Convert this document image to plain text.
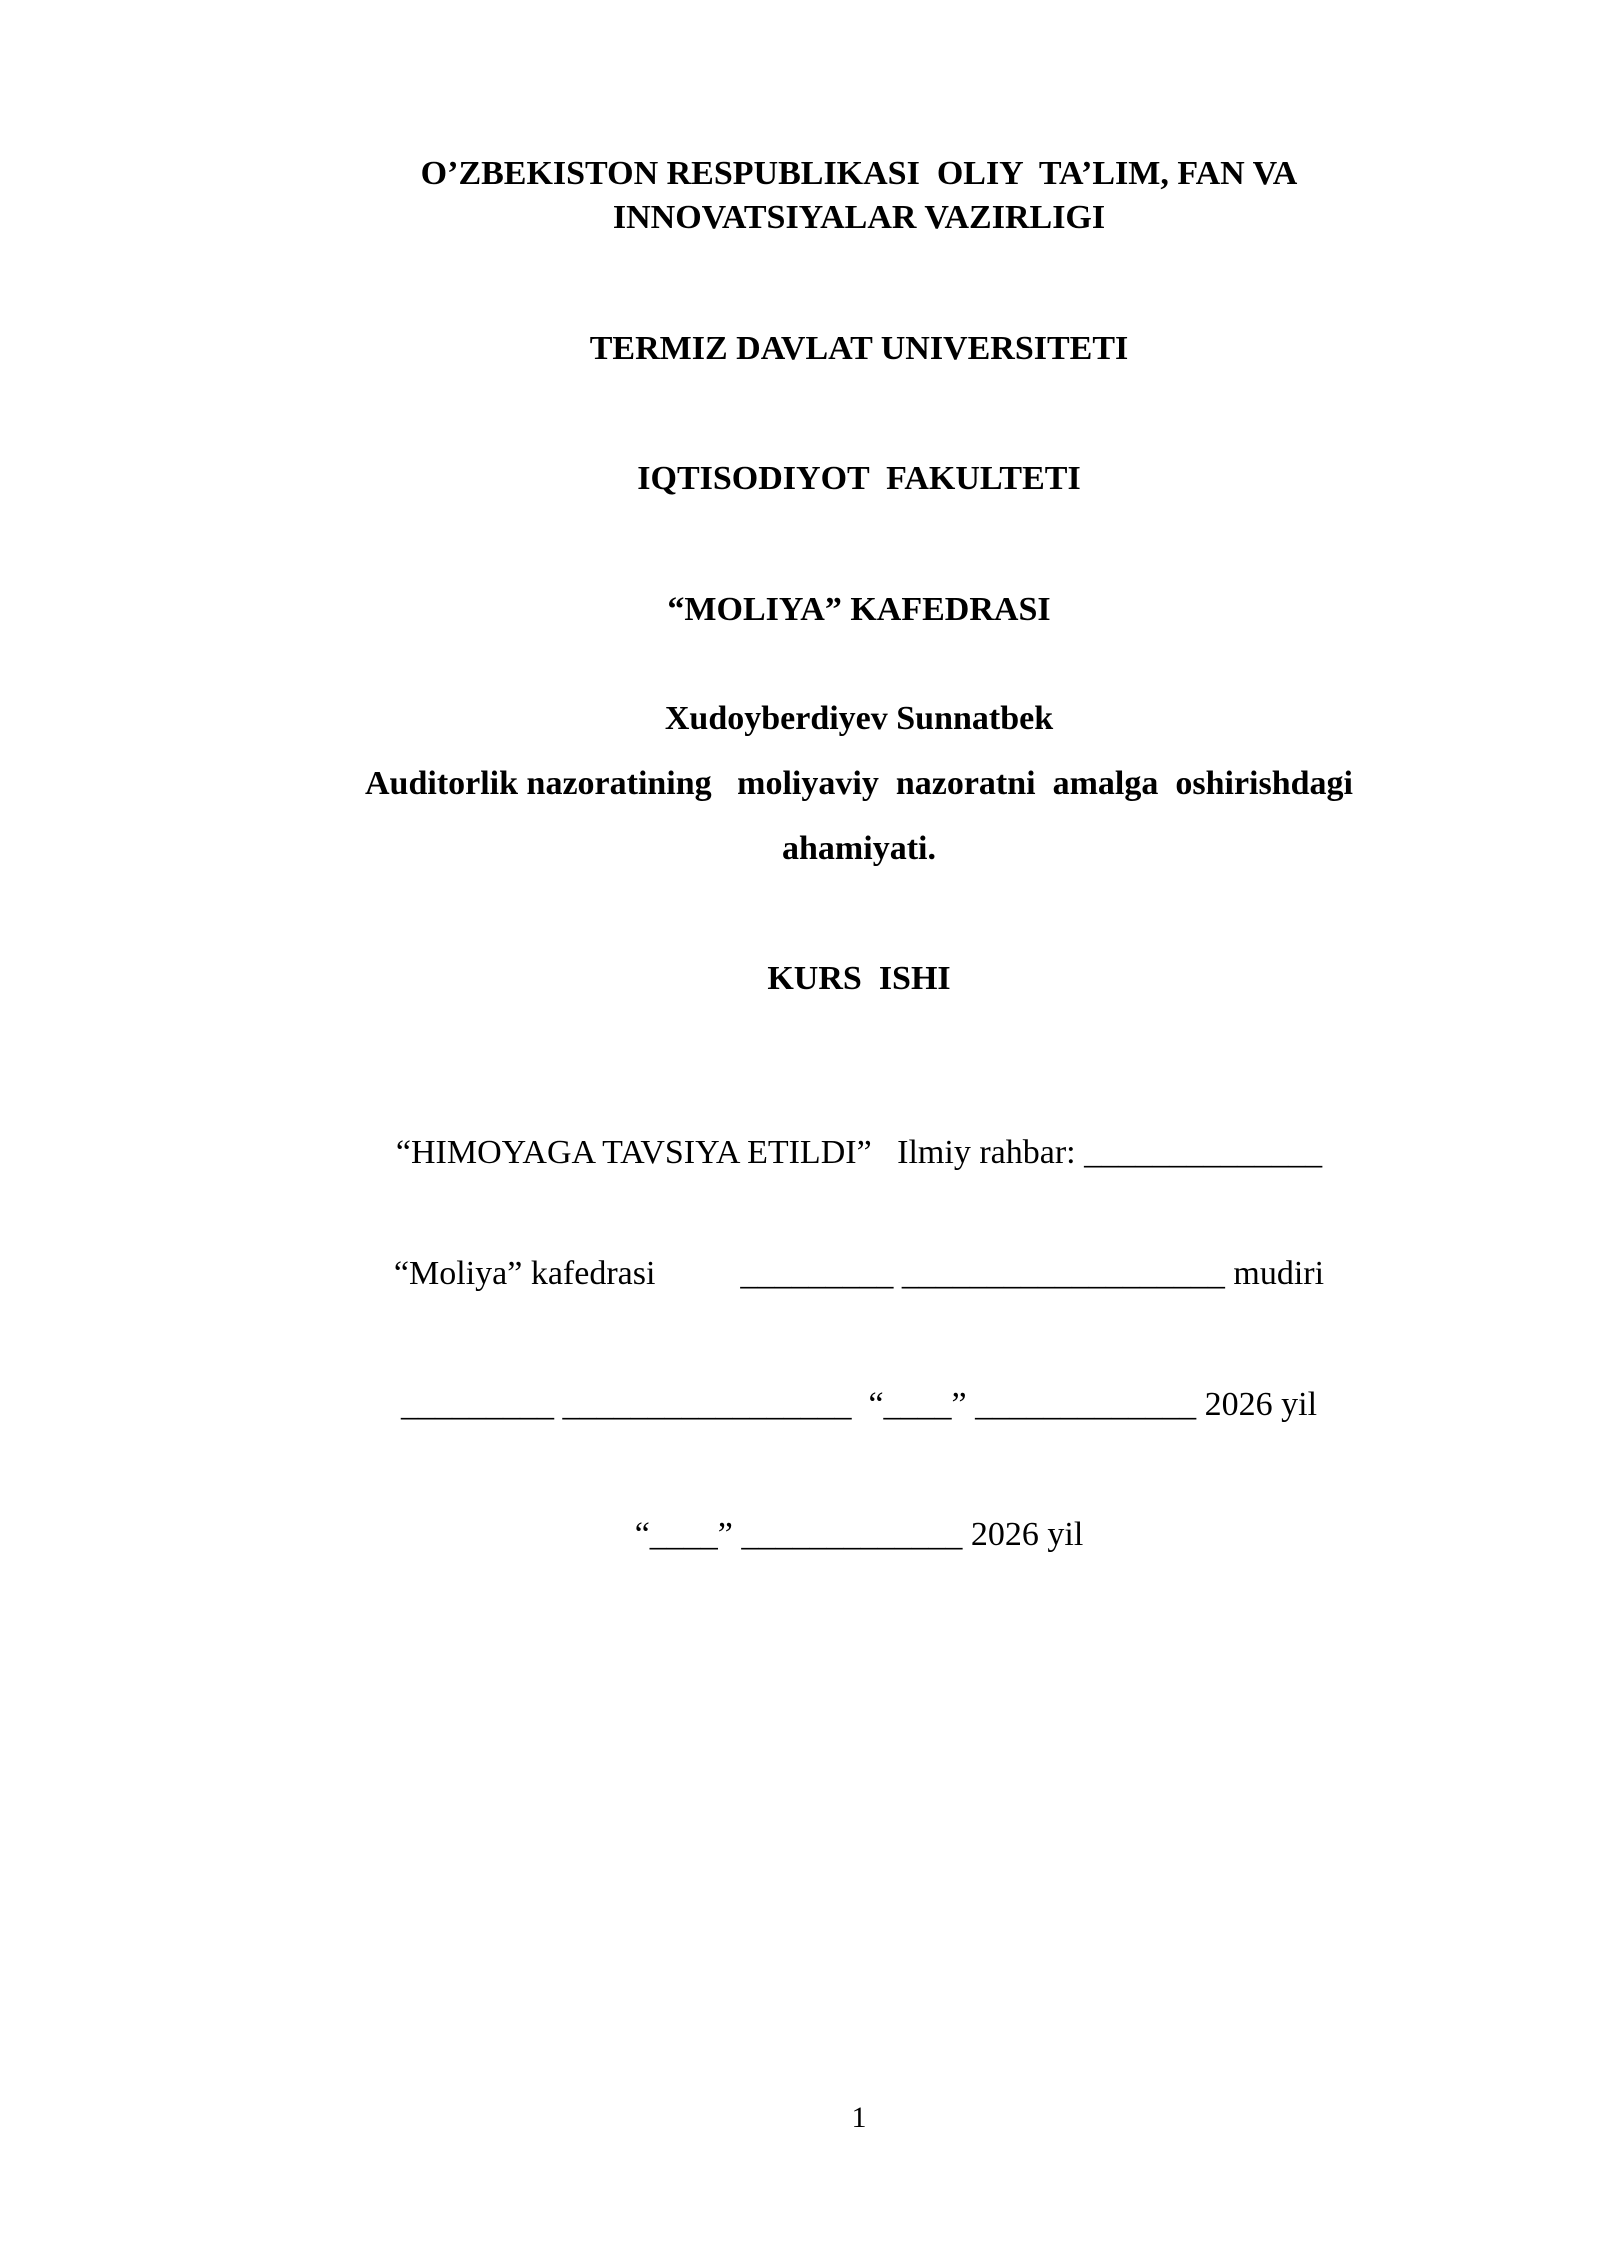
O’ZBEKISTON RESPUBLIKASI  OLIY  TA’LIM, FAN VA
INNOVATSIYALAR VAZIRLIGI
TERMIZ DAVLAT UNIVERSITETI
IQTISODIYOT  FAKULTETI
“MOLIYA” KAFEDRASI
Xudoyberdiyev Sunnatbek
Auditorlik nazoratining   moliyaviy  nazoratni  amalga  oshirishdagi
ahamiyati.
KURS  ISHI
“HIMOYAGA TAVSIYA ETILDI”   Ilmiy rahbar: ______________
“Moliya” kafedrasi          _________ ___________________ mudiri
_________ _________________  “____” _____________ 2026 yil
“____” _____________ 2026 yil
1
